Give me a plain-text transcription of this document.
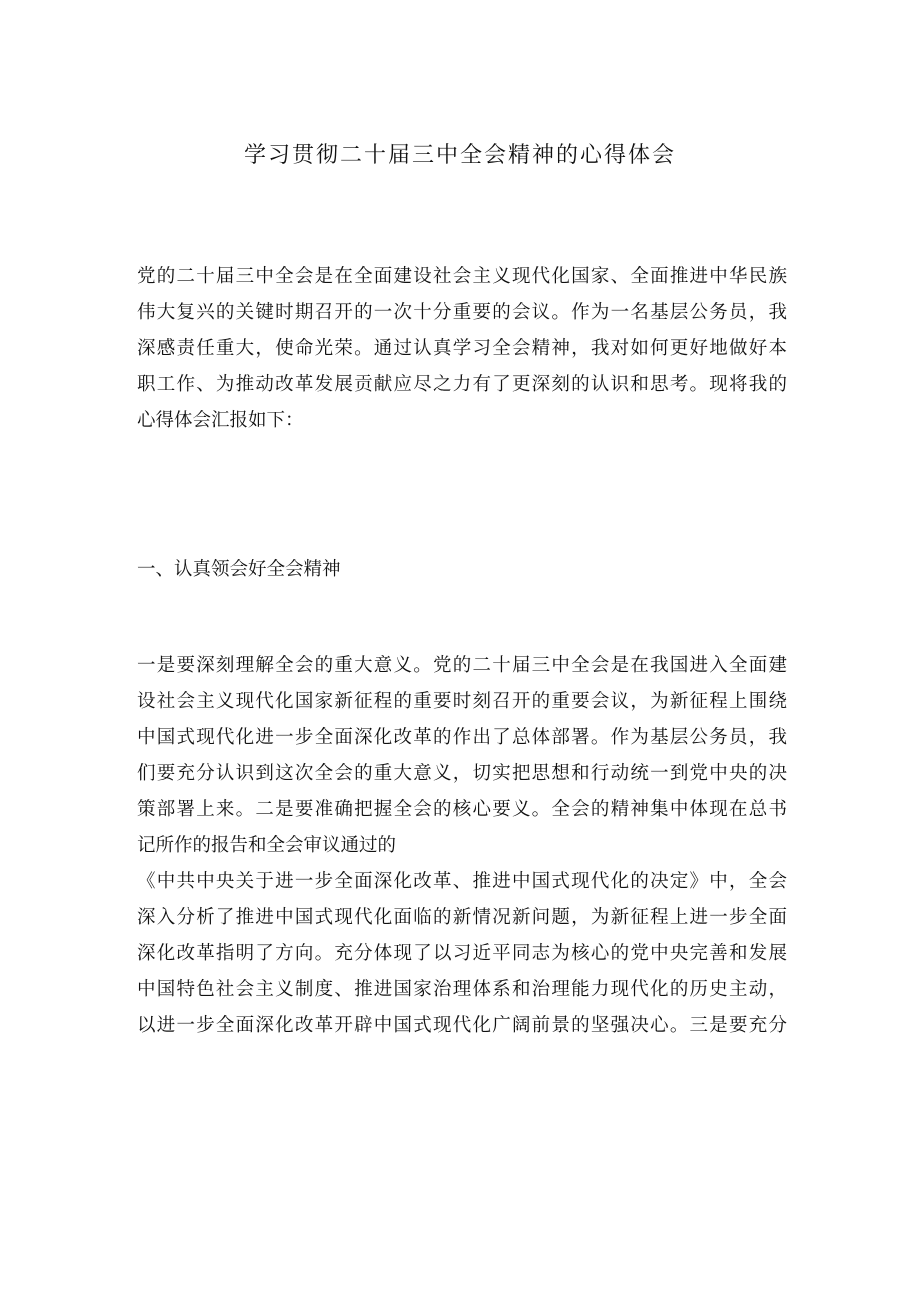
学习贯彻二十届三中全会精神的心得体会
党的二十届三中全会是在全面建设社会主义现代化国家、全面推进中华民族
伟大复兴的关键时期召开的一次十分重要的会议。作为一名基层公务员，我
深感责任重大，使命光荣。通过认真学习全会精神，我对如何更好地做好本
职工作、为推动改革发展贡献应尽之力有了更深刻的认识和思考。现将我的
心得体会汇报如下：
一、认真领会好全会精神
一是要深刻理解全会的重大意义。党的二十届三中全会是在我国进入全面建
设社会主义现代化国家新征程的重要时刻召开的重要会议，为新征程上围绕
中国式现代化进一步全面深化改革的作出了总体部署。作为基层公务员，我
们要充分认识到这次全会的重大意义，切实把思想和行动统一到党中央的决
策部署上来。二是要准确把握全会的核心要义。全会的精神集中体现在总书
记所作的报告和全会审议通过的
《中共中央关于进一步全面深化改革、推进中国式现代化的决定》中，全会
深入分析了推进中国式现代化面临的新情况新问题，为新征程上进一步全面
深化改革指明了方向。充分体现了以习近平同志为核心的党中央完善和发展
中国特色社会主义制度、推进国家治理体系和治理能力现代化的历史主动，
以进一步全面深化改革开辟中国式现代化广阔前景的坚强决心。三是要充分
